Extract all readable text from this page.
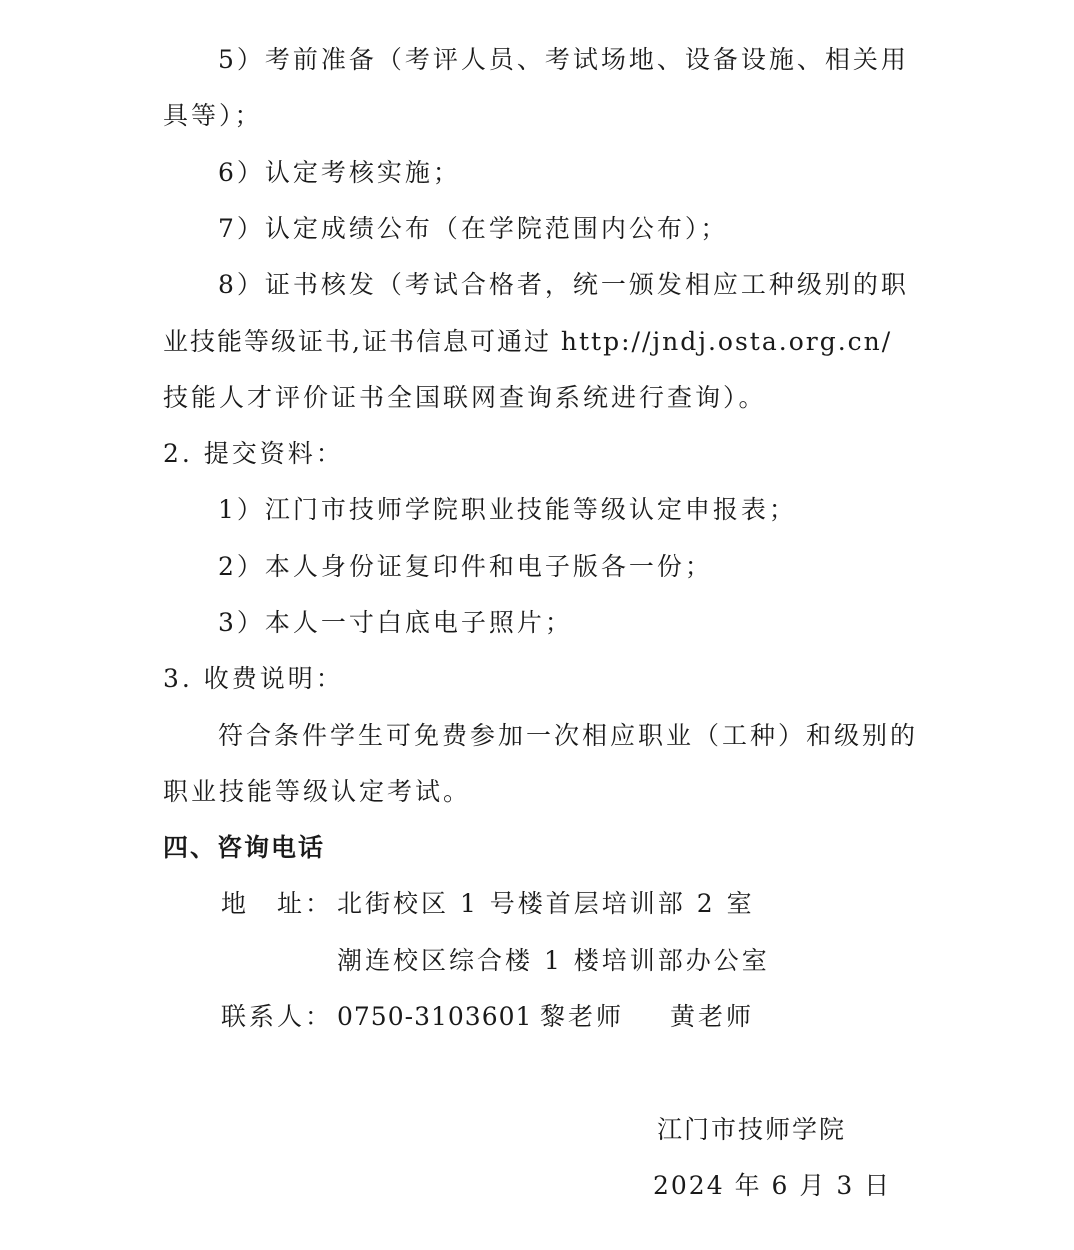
5）考前准备（考评人员、考试场地、设备设施、相关用
具等）；
6）认定考核实施；
7）认定成绩公布（在学院范围内公布）；
8）证书核发（考试合格者，统一颁发相应工种级别的职
业技能等级证书,证书信息可通过 http://jndj.osta.org.cn/
技能人才评价证书全国联网查询系统进行查询）。
2. 提交资料：
1）江门市技师学院职业技能等级认定申报表；
2）本人身份证复印件和电子版各一份；
3）本人一寸白底电子照片；
3. 收费说明：
符合条件学生可免费参加一次相应职业（工种）和级别的
职业技能等级认定考试。
四、咨询电话
地　址： 北街校区 1 号楼首层培训部 2 室
潮连校区综合楼 1 楼培训部办公室
联系人： 0750-3103601 黎老师 黄老师
江门市技师学院
2024 年 6 月 3 日
